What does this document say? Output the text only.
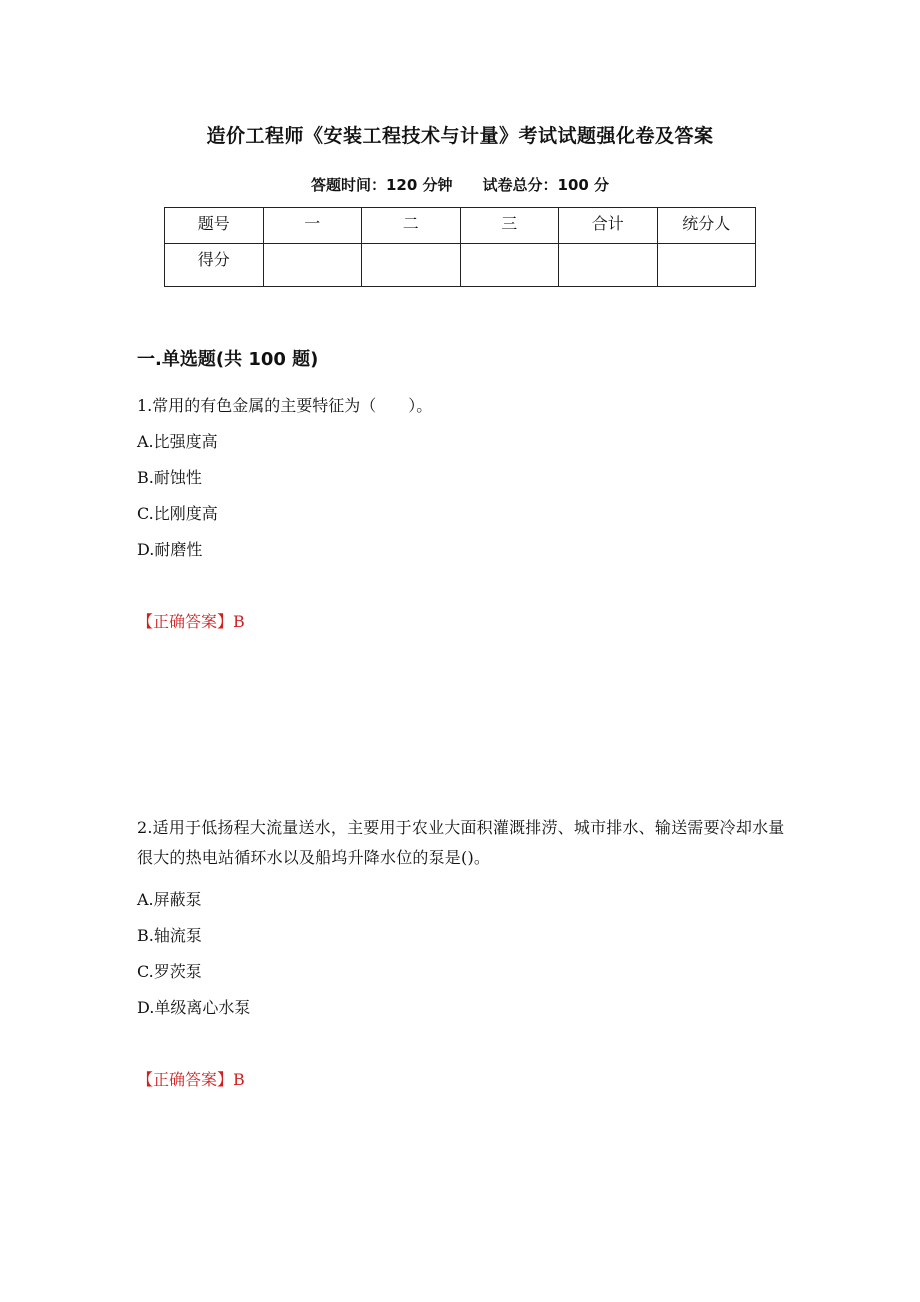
造价工程师《安装工程技术与计量》考试试题强化卷及答案
答题时间：120 分钟 试卷总分：100 分
题号	一	二	三	合计	统分人
得分					
一.单选题(共 100 题)
1.常用的有色金属的主要特征为（　　）。
A.比强度高
B.耐蚀性
C.比刚度高
D.耐磨性
【正确答案】B
2.适用于低扬程大流量送水，主要用于农业大面积灌溉排涝、城市排水、输送需要冷却水量很大的热电站循环水以及船坞升降水位的泵是()。
A.屏蔽泵
B.轴流泵
C.罗茨泵
D.单级离心水泵
【正确答案】B
